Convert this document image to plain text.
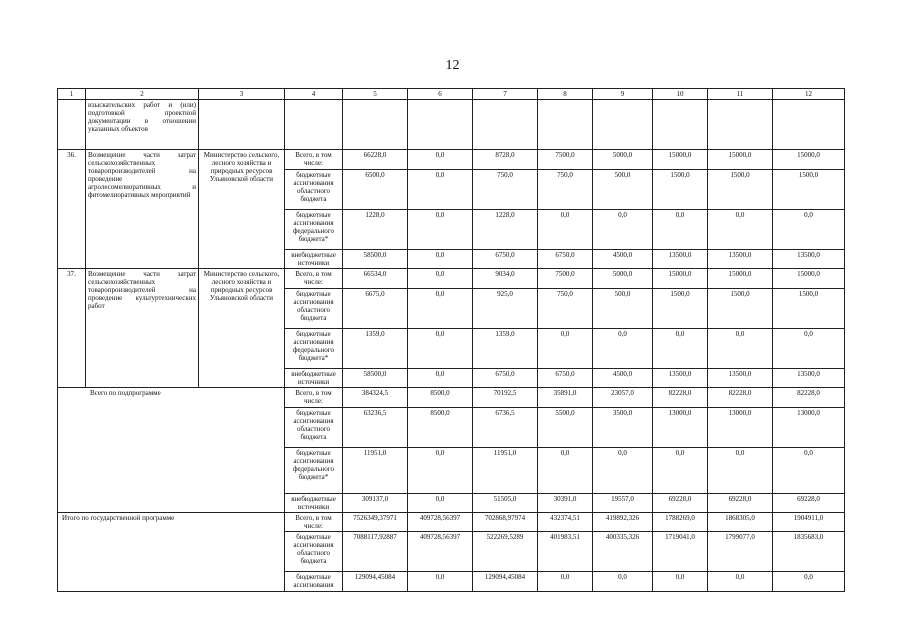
12
1	2	3	4	5	6	7	8	9	10	11	12
	изыскательских работ и (или) подготовкой проектной документации в отношении указанных объектов										
36.	Возмещение части затрат сельскохозяйственных товаропроизводителей на проведение агролесомелиоративных и фитомелиоративных мероприятий	Министерство сельского, лесного хозяйства и природных ресурсов Ульяновской области	Всего, в том числе:	66228,0	0,0	8728,0	7500,0	5000,0	15000,0	15000,0	15000,0
			бюджетные ассигнования областного бюджета	6500,0	0,0	750,0	750,0	500,0	1500,0	1500,0	1500,0
			бюджетные ассигнования федерального бюджета*	1228,0	0,0	1228,0	0,0	0,0	0,0	0,0	0,0
			внебюджетные источники	58500,0	0,0	6750,0	6750,0	4500,0	13500,0	13500,0	13500,0
37.	Возмещение части затрат сельскохозяйственных товаропроизводителей на проведение культуртехнических работ	Министерство сельского, лесного хозяйства и природных ресурсов Ульяновской области	Всего, в том числе:	66534,0	0,0	9034,0	7500,0	5000,0	15000,0	15000,0	15000,0
			бюджетные ассигнования областного бюджета	6675,0	0,0	925,0	750,0	500,0	1500,0	1500,0	1500,0
			бюджетные ассигнования федерального бюджета*	1359,0	0,0	1359,0	0,0	0,0	0,0	0,0	0,0
			внебюджетные источники	58500,0	0,0	6750,0	6750,0	4500,0	13500,0	13500,0	13500,0
Всего по подпрограмме			Всего, в том числе:	384324,5	8500,0	70192,5	35891,0	23057,0	82228,0	82228,0	82228,0
			бюджетные ассигнования областного бюджета	63236,5	8500,0	6736,5	5500,0	3500,0	13000,0	13000,0	13000,0
			бюджетные ассигнования федерального бюджета*	11951,0	0,0	11951,0	0,0	0,0	0,0	0,0	0,0
			внебюджетные источники	309137,0	0,0	51505,0	30391,0	19557,0	69228,0	69228,0	69228,0
Итого по государственной программе			Всего, в том числе:	7526349,37971	409728,56397	702868,97974	432374,51	419892,326	1788269,0	1868305,0	1904911,0
			бюджетные ассигнования областного бюджета	7088117,92887	409728,56397	522269,5289	401983,51	400335,326	1719041,0	1799077,0	1835683,0
			бюджетные ассигнования	129094,45084	0,0	129094,45084	0,0	0,0	0,0	0,0	0,0
